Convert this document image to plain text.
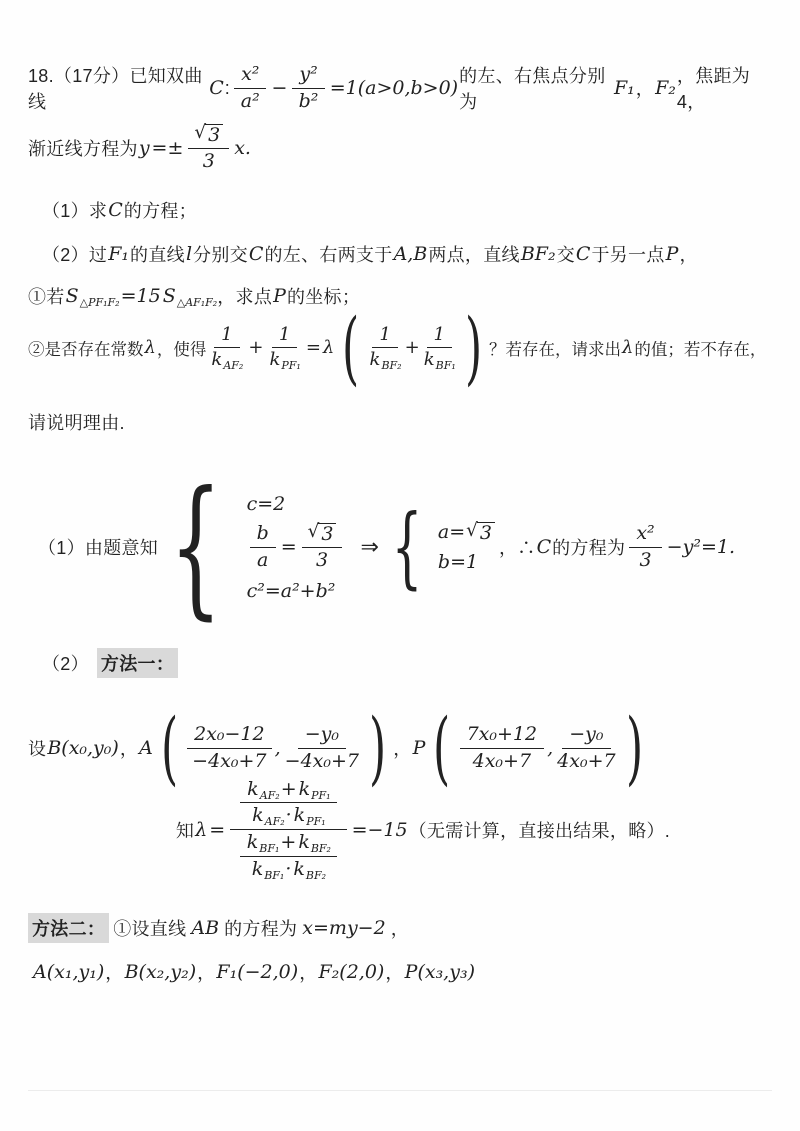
18.（17分）已知双曲线
C : $\frac{\text{x²}}{\text{a²}} - \frac{\text{y²}}{\text{b²}} =1(a>0,b>0)$
的左、右焦点分别为
F₁ ， F₂
，焦距为4，
渐近线方程为 $y =\pm \frac{√ 3}{3} x$.
（1）求 C 的方程；
（2）过 F₁ 的直线 l 分别交 C 的左、右两支于 A,B 两点，直线 BF₂ 交 C 于另一点 P ，
①若 $S_{\triangle PF_1F_2} =15$ $S_{\triangle AF_1F_2}$ ，求点 P 的坐标；
②是否存在常数 λ ，使得 $\frac{1}{k_{AF_2}} + \frac{1}{k_{PF_1}} = \lambda$ ( $\frac{1}{k_{BF_2}} + \frac{1}{k_{BF_1}}$ ) ？若存在，请求出 λ 的值；若不存在，
请说明理由.
（1）由题意知 { c=2
$\frac{b}{a} = \frac{√ 3}{3}$
c²=a²+b²
⇒ { a= √ 3
b=1
，∴ C 的方程为 $\frac{\text{x²}}{3} -y^2=1$.
（2） 方法一：
设 B(x₀,y₀) ， A ( $\frac{\text{2x₀−12}}{\text{−4x₀+7}}$ , $\frac{\text{−y₀}}{\text{−4x₀+7}}$ ) ， P ( $\frac{\text{7x₀+12}}{\text{4x₀+7}}$ , $\frac{\text{−y₀}}{\text{4x₀+7}}$ )
知 $\lambda = \frac{\frac{k_{AF_2} + k_{PF_1}}{k_{AF_2} \cdot k_{PF_1}}}{\frac{k_{BF_1} + k_{BF_2}}{k_{BF_1} \cdot k_{BF_2}}} =-15$ （无需计算，直接出结果，略）.
方法二： ①设直线 AB 的方程为 x=my−2 ，
A(x₁,y₁) ， B(x₂,y₂) ， F₁(−2,0) ， F₂(2,0) ， P(x₃,y₃)
